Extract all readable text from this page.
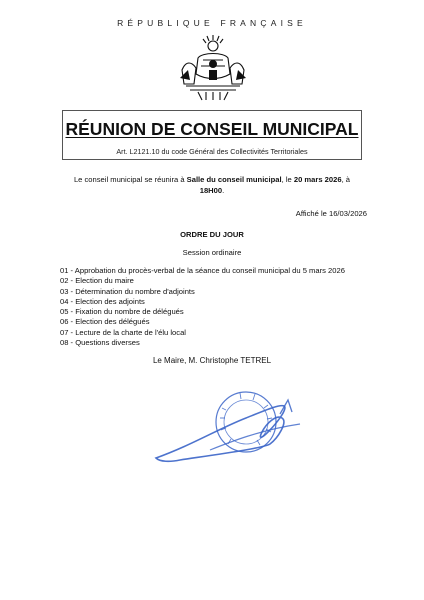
RÉPUBLIQUE FRANÇAISE
RÉUNION DE CONSEIL MUNICIPAL
Art. L2121.10 du code Général des Collectivités Territoriales
Le conseil municipal se réunira à Salle du conseil municipal, le 20 mars 2026, à
18H00.
Affiché le 16/03/2026
ORDRE DU JOUR
Session ordinaire
01 - Approbation du procès-verbal de la séance du conseil municipal du 5 mars 2026
02 - Election du maire
03 - Détermination du nombre d'adjoints
04 - Election des adjoints
05 - Fixation du nombre de délégués
06 - Election des délégués
07 - Lecture de la charte de l'élu local
08 - Questions diverses
Le Maire, M. Christophe TETREL
